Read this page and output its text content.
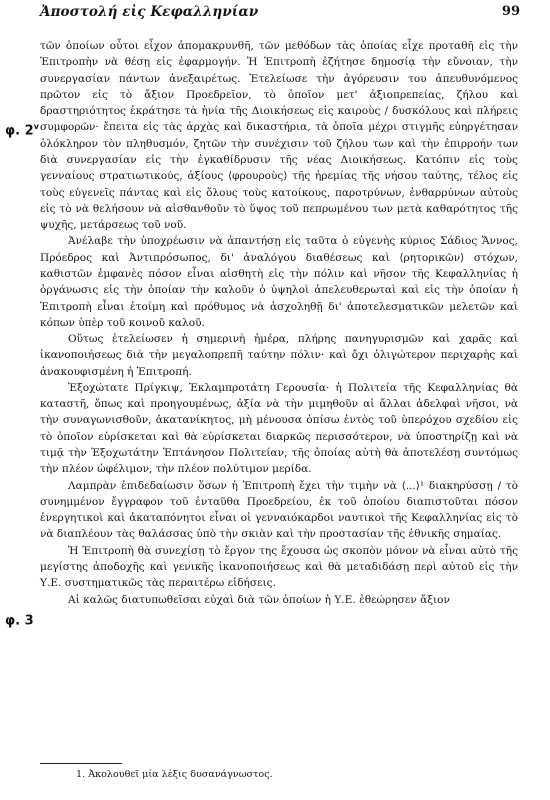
Ἀποστολή εἰς Κεφαλληνίαν	99
φ. 2$^v$
φ. 3

τῶν ὁποίων οὗτοι εἶχον ἀπομακρυνθῆ, τῶν μεθόδων τὰς ὁποίας εἶχε προταθῆ εἰς τὴν Ἐπιτροπὴν νὰ θέσῃ εἰς ἐφαρμογήν. Ἡ Ἐπιτροπὴ ἐζήτησε δημοσίᾳ τὴν εὔνοιαν, τὴν συνεργασίαν πάντων ἀνεξαιρέτως. Ἐτελείωσε τὴν ἀγόρευσιν του ἀπευθυνόμενος πρῶτον εἰς τὸ ἄξιον Προεδρεῖον, τὸ ὁποῖον μετ' ἀξιοπρεπείας, ζήλου καὶ δραστηριότητος ἐκράτησε τὰ ἡνία τῆς Διοικήσεως εἰς καιροὺς / δυσκόλους καὶ πλήρεις συμφορῶν· ἔπειτα εἰς τὰς ἀρχὰς καὶ δικαστήρια, τὰ ὁποῖα μέχρι στιγμῆς εὐηργέτησαν ὁλόκληρον τὸν πληθυσμόν, ζητῶν τὴν συνέχισιν τοῦ ζήλου των καὶ τὴν ἐπιρροήν των διὰ συνεργασίαν εἰς τὴν ἐγκαθίδρυσιν τῆς νέας Διοικήσεως. Κατόπιν εἰς τοὺς γενναίους στρατιωτικούς, ἀξίους ⟨φρουροὺς⟩ τῆς ἠρεμίας τῆς νήσου ταύτης, τέλος εἰς τοὺς εὐγενεῖς πάντας καὶ εἰς ὅλους τοὺς κατοίκους, παροτρύνων, ἐνθαρρύνων αὐτοὺς εἰς τὸ νὰ θελήσουν νὰ αἰσθανθοῦν τὸ ὕψος τοῦ πεπρωμένου των μετὰ καθαρότητος τῆς ψυχῆς, μετάρσεως τοῦ νοῦ.

Ἀνέλαβε τὴν ὑποχρέωσιν νὰ ἀπαντήσῃ εἰς ταῦτα ὁ εὐγενὴς κύριος Σάδιος Ἄννος, Πρόεδρος καὶ Ἀντιπρόσωπος, δι' ἀναλόγου διαθέσεως καὶ ⟨ρητορικῶν⟩ στόχων, καθιστῶν ἐμφανὲς πόσον εἶναι αἰσθητὴ εἰς τὴν πόλιν καὶ νῆσον τῆς Κεφαλληνίας ἡ ὀργάνωσις εἰς τὴν ὁποίαν τὴν καλοῦν ὁ ὑψηλοὶ ἀπελευθερωταὶ καὶ εἰς τὴν ὁποίαν ἡ Ἐπιτροπὴ εἶναι ἑτοίμη καὶ πρόθυμος νὰ ἀσχοληθῇ δι' ἀποτελεσματικῶν μελετῶν καὶ κόπων ὑπὲρ τοῦ κοινοῦ καλοῦ.

Οὕτως ἐτελείωσεν ἡ σημερινὴ ἡμέρα, πλήρης πανηγυρισμῶν καὶ χαρᾶς καὶ ἱκανοποιήσεως διὰ τὴν μεγαλοπρεπῆ ταύτην πόλιν· καὶ ὄχι ὀλιγώτερον περιχαρὴς καὶ ἀνακουφισμένη ἡ Ἐπιτροπή.

Ἐξοχώτατε Πρίγκιψ, Ἐκλαμπροτάτη Γερουσία· ἡ Πολιτεία τῆς Κεφαλληνίας θὰ καταστῆ, ὅπως καὶ προηγουμένως, ἀξία νὰ τὴν μιμηθοῦν αἱ ἄλλαι ἀδελφαὶ νῆσοι, νὰ τὴν συναγωνισθοῦν, ἀκατανίκητος, μὴ μένουσα ὀπίσω ἐντὸς τοῦ ὑπερόχου σχεδίου εἰς τὸ ὁποῖον εὑρίσκεται καὶ θὰ εὑρίσκεται διαρκῶς περισσότερον, νὰ ὑποστηρίζῃ καὶ νὰ τιμᾷ τὴν Ἐξοχωτάτην Ἑπτάνησον Πολιτείαν, τῆς ὁποίας αὐτὴ θὰ ἀποτελέσῃ συντόμως τὴν πλέον ὠφέλιμον, τὴν πλέον πολύτιμον μερίδα.

Λαμπρὰν ἐπιδεδαίωσιν ὅσων ἡ Ἐπιτροπὴ ἔχει τὴν τιμὴν νὰ ⟨...⟩¹ διακηρύσσῃ / τὸ συνημμένον ἔγγραφον τοῦ ἐνταῦθα Προεδρείου, ἐκ τοῦ ὁποίου διαπιστοῦται πόσον ἐνεργητικοὶ καὶ ἀκαταπόνητοι εἶναι οἱ γενναιόκαρδοι ναυτικοὶ τῆς Κεφαλληνίας εἰς τὸ νὰ διαπλέουν τὰς θαλάσσας ὑπὸ τὴν σκιὰν καὶ τὴν προστασίαν τῆς ἐθνικῆς σημαίας.

Ἡ Ἐπιτροπὴ θὰ συνεχίσῃ τὸ ἔργον της ἔχουσα ὡς σκοπὸν μόνον νὰ εἶναι αὐτὸ τῆς μεγίστης ἀποδοχῆς καὶ γενικῆς ἱκανοποιήσεως καὶ θὰ μεταδιδάσῃ περὶ αὐτοῦ εἰς τὴν Υ.Ε. συστηματικῶς τὰς περαιτέρω εἰδήσεις.

Αἱ καλῶς διατυπωθεῖσαι εὐχαὶ διὰ τῶν ὁποίων ἡ Υ.Ε. ἐθεώρησεν ἄξιον

1. Ἀκολουθεῖ μία λέξις δυσανάγνωστος.
